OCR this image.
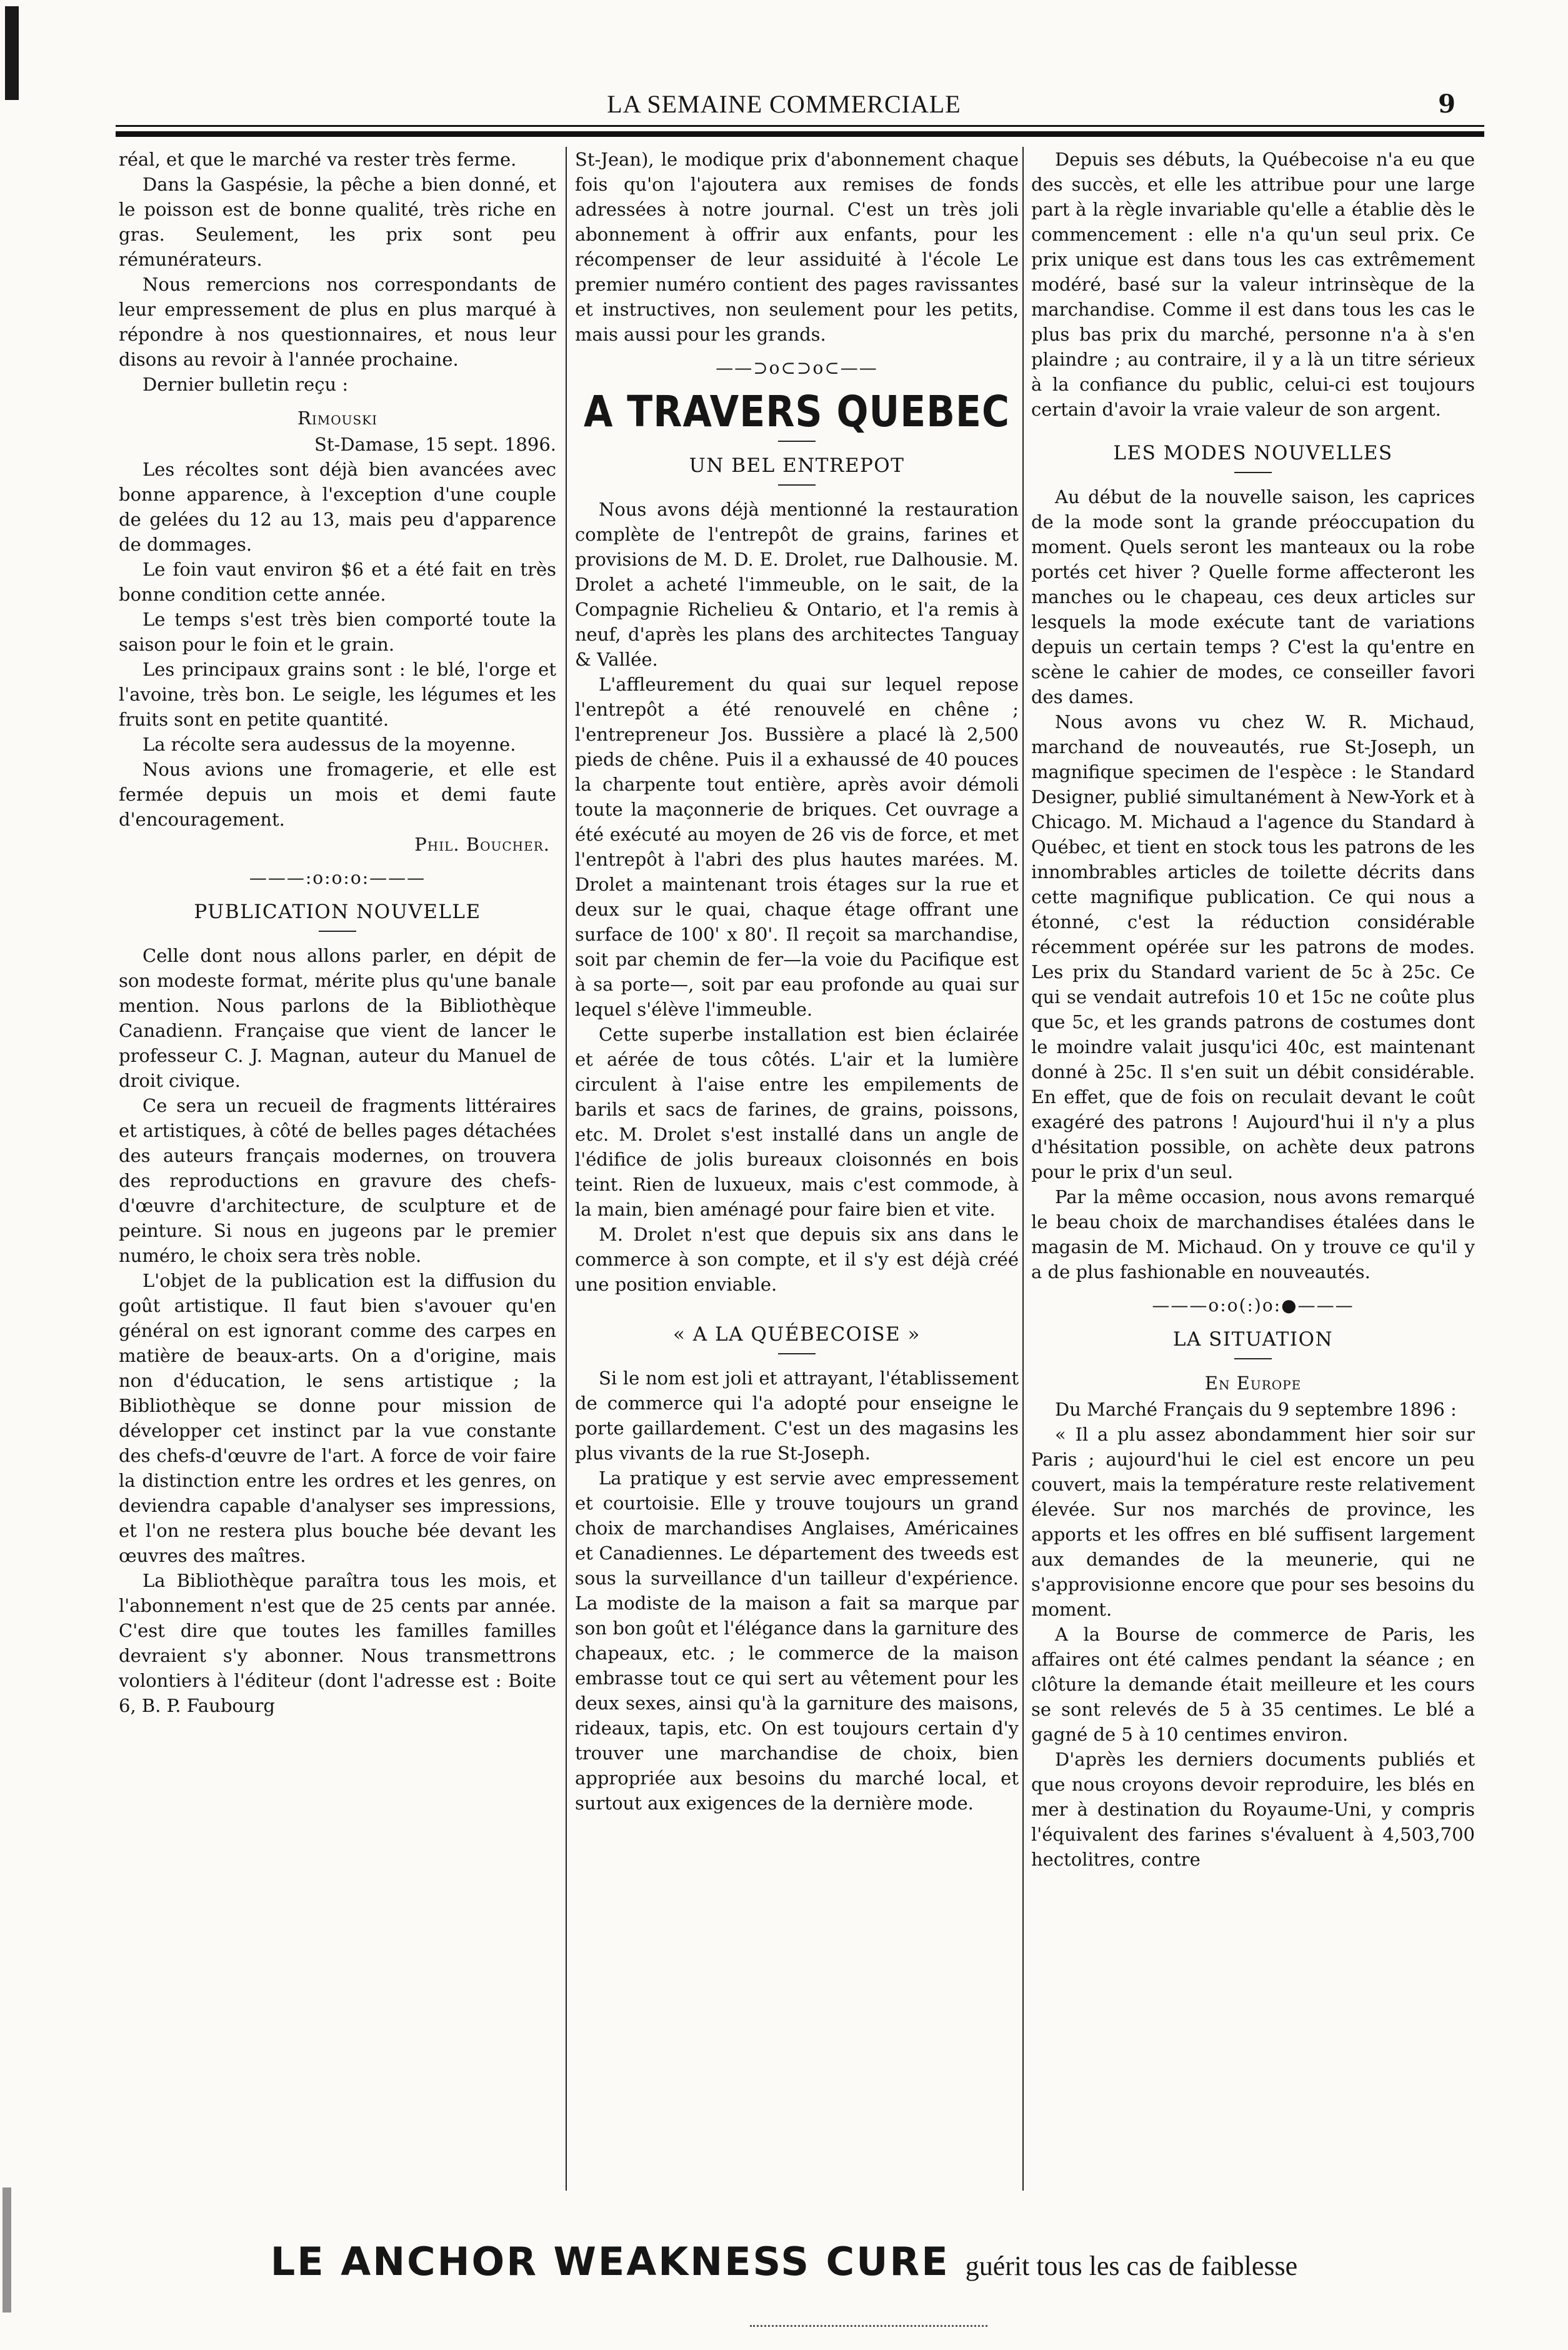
LA SEMAINE COMMERCIALE	9

réal, et que le marché va rester très ferme.

Dans la Gaspésie, la pêche a bien donné, et le poisson est de bonne qualité, très riche en gras. Seulement, les prix sont peu rémunérateurs.

Nous remercions nos correspondants de leur empressement de plus en plus marqué à répondre à nos questionnaires, et nous leur disons au revoir à l'année prochaine.

Dernier bulletin reçu :

Rimouski

St-Damase, 15 sept. 1896.

Les récoltes sont déjà bien avancées avec bonne apparence, à l'exception d'une couple de gelées du 12 au 13, mais peu d'apparence de dommages.

Le foin vaut environ $6 et a été fait en très bonne condition cette année.

Le temps s'est très bien comporté toute la saison pour le foin et le grain.

Les principaux grains sont : le blé, l'orge et l'avoine, très bon. Le seigle, les légumes et les fruits sont en petite quantité.

La récolte sera audessus de la moyenne.

Nous avions une fromagerie, et elle est fermée depuis un mois et demi faute d'encouragement.

Phil. Boucher.
———:o:o:o:———
PUBLICATION NOUVELLE

Celle dont nous allons parler, en dépit de son modeste format, mérite plus qu'une banale mention. Nous parlons de la Bibliothèque Canadienn. Française que vient de lancer le professeur C. J. Magnan, auteur du Manuel de droit civique.

Ce sera un recueil de fragments littéraires et artistiques, à côté de belles pages détachées des auteurs français modernes, on trouvera des reproductions en gravure des chefs-d'œuvre d'architecture, de sculpture et de peinture. Si nous en jugeons par le premier numéro, le choix sera très noble.

L'objet de la publication est la diffusion du goût artistique. Il faut bien s'avouer qu'en général on est ignorant comme des carpes en matière de beaux-arts. On a d'origine, mais non d'éducation, le sens artistique ; la Bibliothèque se donne pour mission de développer cet instinct par la vue constante des chefs-d'œuvre de l'art. A force de voir faire la distinction entre les ordres et les genres, on deviendra capable d'analyser ses impressions, et l'on ne restera plus bouche bée devant les œuvres des maîtres.

La Bibliothèque paraîtra tous les mois, et l'abonnement n'est que de 25 cents par année. C'est dire que toutes les familles familles devraient s'y abonner. Nous transmettrons volontiers à l'éditeur (dont l'adresse est : Boite 6, B. P. Faubourg

St-Jean), le modique prix d'abonnement chaque fois qu'on l'ajoutera aux remises de fonds adressées à notre journal. C'est un très joli abonnement à offrir aux enfants, pour les récompenser de leur assiduité à l'école Le premier numéro contient des pages ravissantes et instructives, non seulement pour les petits, mais aussi pour les grands.

——⊃o⊂⊃o⊂——
A TRAVERS QUEBEC
UN BEL ENTREPOT

Nous avons déjà mentionné la restauration complète de l'entrepôt de grains, farines et provisions de M. D. E. Drolet, rue Dalhousie. M. Drolet a acheté l'immeuble, on le sait, de la Compagnie Richelieu & Ontario, et l'a remis à neuf, d'après les plans des architectes Tanguay & Vallée.

L'affleurement du quai sur lequel repose l'entrepôt a été renouvelé en chêne ; l'entrepreneur Jos. Bussière a placé là 2,500 pieds de chêne. Puis il a exhaussé de 40 pouces la charpente tout entière, après avoir démoli toute la maçonnerie de briques. Cet ouvrage a été exécuté au moyen de 26 vis de force, et met l'entrepôt à l'abri des plus hautes marées. M. Drolet a maintenant trois étages sur la rue et deux sur le quai, chaque étage offrant une surface de 100' x 80'. Il reçoit sa marchandise, soit par chemin de fer—la voie du Pacifique est à sa porte—, soit par eau profonde au quai sur lequel s'élève l'immeuble.

Cette superbe installation est bien éclairée et aérée de tous côtés. L'air et la lumière circulent à l'aise entre les empilements de barils et sacs de farines, de grains, poissons, etc. M. Drolet s'est installé dans un angle de l'édifice de jolis bureaux cloisonnés en bois teint. Rien de luxueux, mais c'est commode, à la main, bien aménagé pour faire bien et vite.

M. Drolet n'est que depuis six ans dans le commerce à son compte, et il s'y est déjà créé une position enviable.

« A LA QUÉBECOISE »

Si le nom est joli et attrayant, l'établissement de commerce qui l'a adopté pour enseigne le porte gaillardement. C'est un des magasins les plus vivants de la rue St-Joseph.

La pratique y est servie avec empressement et courtoisie. Elle y trouve toujours un grand choix de marchandises Anglaises, Américaines et Canadiennes. Le département des tweeds est sous la surveillance d'un tailleur d'expérience. La modiste de la maison a fait sa marque par son bon goût et l'élégance dans la garniture des chapeaux, etc. ; le commerce de la maison embrasse tout ce qui sert au vêtement pour les deux sexes, ainsi qu'à la garniture des maisons, rideaux, tapis, etc. On est toujours certain d'y trouver une marchandise de choix, bien appropriée aux besoins du marché local, et surtout aux exigences de la dernière mode.

Depuis ses débuts, la Québecoise n'a eu que des succès, et elle les attribue pour une large part à la règle invariable qu'elle a établie dès le commencement : elle n'a qu'un seul prix. Ce prix unique est dans tous les cas extrêmement modéré, basé sur la valeur intrinsèque de la marchandise. Comme il est dans tous les cas le plus bas prix du marché, personne n'a à s'en plaindre ; au contraire, il y a là un titre sérieux à la confiance du public, celui-ci est toujours certain d'avoir la vraie valeur de son argent.

LES MODES NOUVELLES

Au début de la nouvelle saison, les caprices de la mode sont la grande préoccupation du moment. Quels seront les manteaux ou la robe portés cet hiver ? Quelle forme affecteront les manches ou le chapeau, ces deux articles sur lesquels la mode exécute tant de variations depuis un certain temps ? C'est la qu'entre en scène le cahier de modes, ce conseiller favori des dames.

Nous avons vu chez W. R. Michaud, marchand de nouveautés, rue St-Joseph, un magnifique specimen de l'espèce : le Standard Designer, publié simultanément à New-York et à Chicago. M. Michaud a l'agence du Standard à Québec, et tient en stock tous les patrons de les innombrables articles de toilette décrits dans cette magnifique publication. Ce qui nous a étonné, c'est la réduction considérable récemment opérée sur les patrons de modes. Les prix du Standard varient de 5c à 25c. Ce qui se vendait autrefois 10 et 15c ne coûte plus que 5c, et les grands patrons de costumes dont le moindre valait jusqu'ici 40c, est maintenant donné à 25c. Il s'en suit un débit considérable. En effet, que de fois on reculait devant le coût exagéré des patrons ! Aujourd'hui il n'y a plus d'hésitation possible, on achète deux patrons pour le prix d'un seul.

Par la même occasion, nous avons remarqué le beau choix de marchandises étalées dans le magasin de M. Michaud. On y trouve ce qu'il y a de plus fashionable en nouveautés.

———o:o(:)o:●———
LA SITUATION
En Europe

Du Marché Français du 9 septembre 1896 :

« Il a plu assez abondamment hier soir sur Paris ; aujourd'hui le ciel est encore un peu couvert, mais la température reste relativement élevée. Sur nos marchés de province, les apports et les offres en blé suffisent largement aux demandes de la meunerie, qui ne s'approvisionne encore que pour ses besoins du moment.

A la Bourse de commerce de Paris, les affaires ont été calmes pendant la séance ; en clôture la demande était meilleure et les cours se sont relevés de 5 à 35 centimes. Le blé a gagné de 5 à 10 centimes environ.

D'après les derniers documents publiés et que nous croyons devoir reproduire, les blés en mer à destination du Royaume-Uni, y compris l'équivalent des farines s'évaluent à 4,503,700 hectolitres, contre

LE ANCHOR WEAKNESS CURE guérit tous les cas de faiblesse
